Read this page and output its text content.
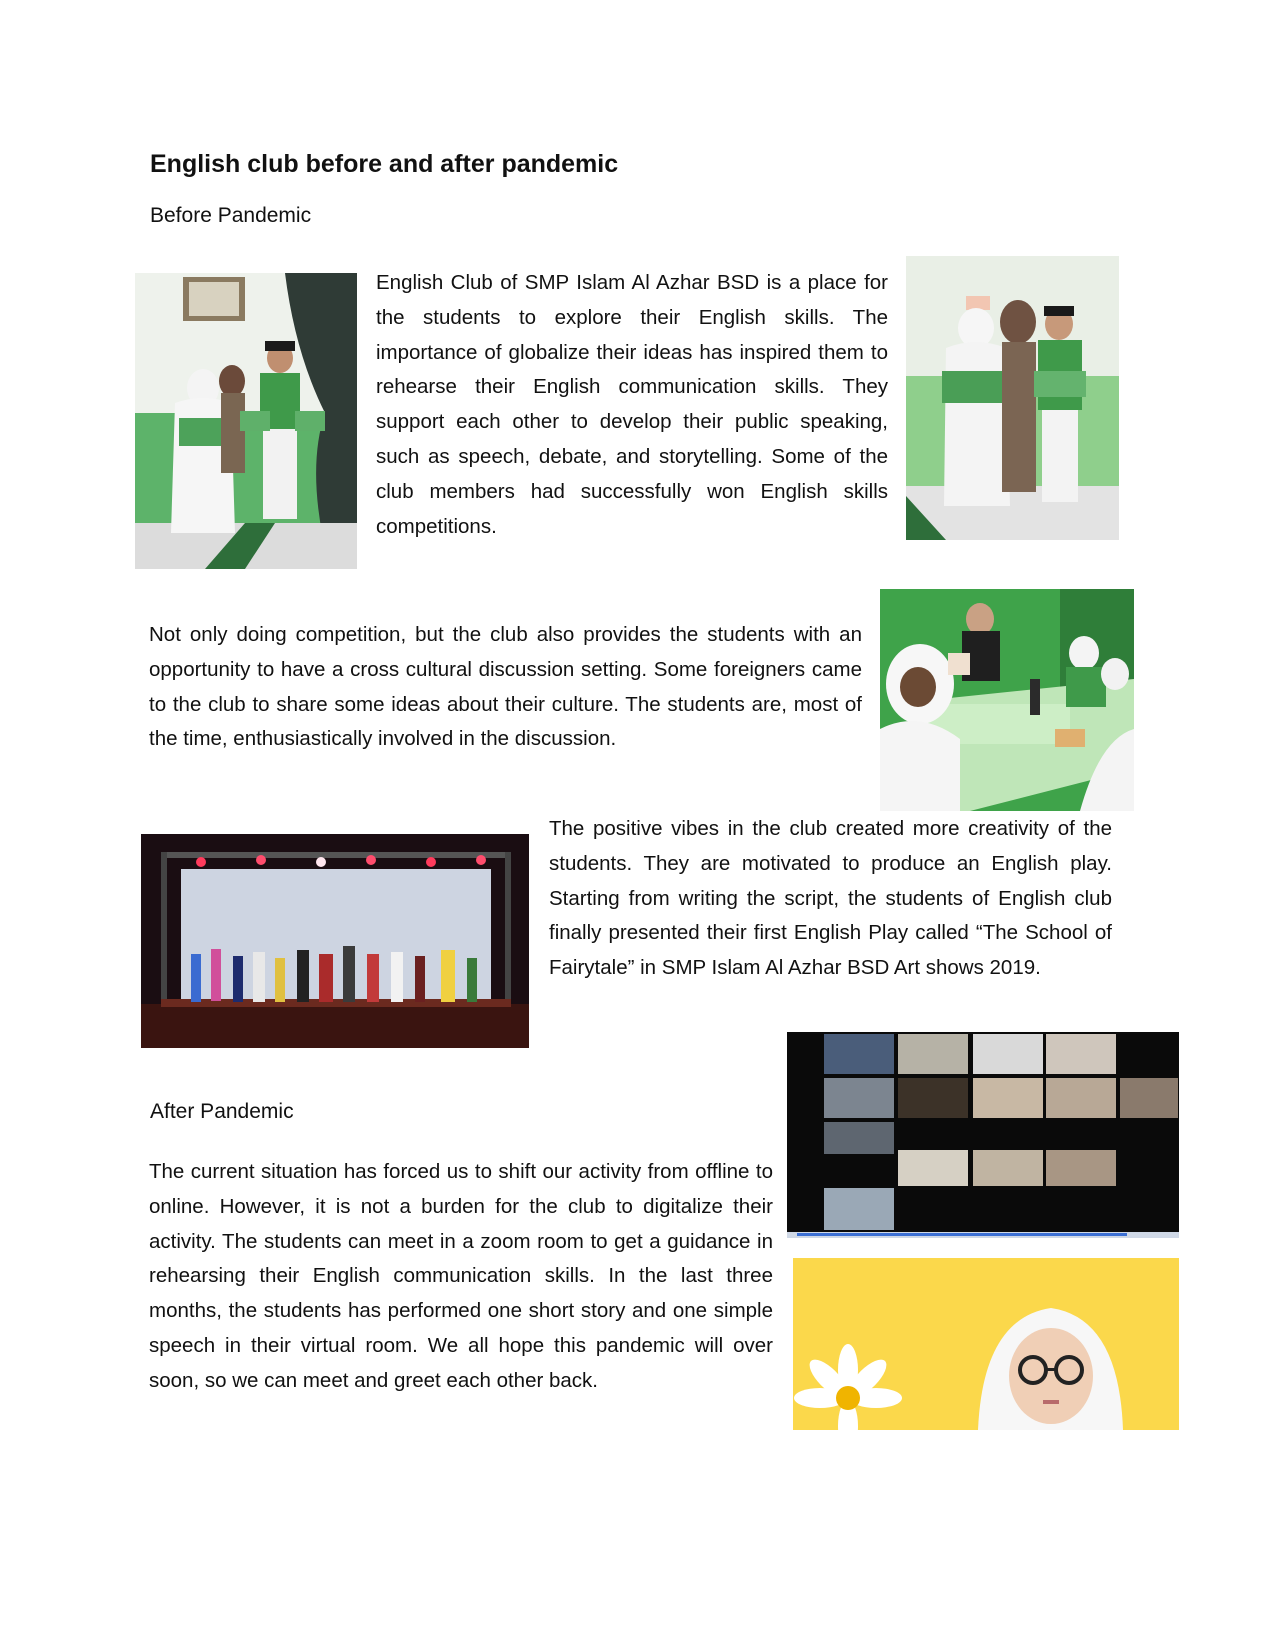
English club before and after pandemic
Before Pandemic

English Club of SMP Islam Al Azhar BSD is a place for the students to explore their English skills. The importance of globalize their ideas has inspired them to rehearse their English communication skills. They support each other to develop their public speaking, such as speech, debate, and storytelling. Some of the club members had successfully won English skills competitions.

Not only doing competition, but the club also provides the students with an opportunity to have a cross cultural discussion setting. Some foreigners came to the club to share some ideas about their culture. The students are, most of the time, enthusiastically involved in the discussion.

The positive vibes in the club created more creativity of the students. They are motivated to produce an English play. Starting from writing the script, the students of English club finally presented their first English Play called “The School of Fairytale” in SMP Islam Al Azhar BSD Art shows 2019.

After Pandemic

The current situation has forced us to shift our activity from offline to online. However, it is not a burden for the club to digitalize their activity. The students can meet in a zoom room to get a guidance in rehearsing their English communication skills. In the last three months, the students has performed one short story and one simple speech in their virtual room. We all hope this pandemic will over soon, so we can meet and greet each other back.
